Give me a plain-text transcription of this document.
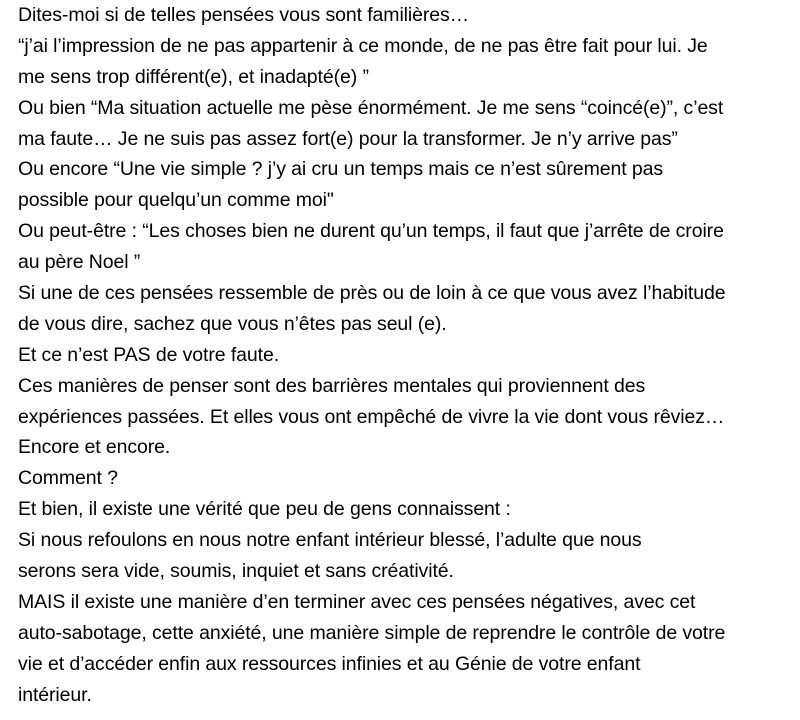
Dites-moi si de telles pensées vous sont familières…
“j’ai l’impression de ne pas appartenir à ce monde, de ne pas être fait pour lui. Je
me sens trop différent(e), et inadapté(e) ”
Ou bien “Ma situation actuelle me pèse énormément. Je me sens “coincé(e)”, c’est
ma faute… Je ne suis pas assez fort(e) pour la transformer. Je n’y arrive pas”
Ou encore “Une vie simple ? j’y ai cru un temps mais ce n’est sûrement pas
possible pour quelqu’un comme moi"
Ou peut-être : “Les choses bien ne durent qu’un temps, il faut que j’arrête de croire
au père Noel ”
Si une de ces pensées ressemble de près ou de loin à ce que vous avez l’habitude
de vous dire, sachez que vous n’êtes pas seul (e).
Et ce n’est PAS de votre faute.
Ces manières de penser sont des barrières mentales qui proviennent des
expériences passées. Et elles vous ont empêché de vivre la vie dont vous rêviez…
Encore et encore.
Comment ?
Et bien, il existe une vérité que peu de gens connaissent :
Si nous refoulons en nous notre enfant intérieur blessé, l’adulte que nous
serons sera vide, soumis, inquiet et sans créativité.
MAIS il existe une manière d’en terminer avec ces pensées négatives, avec cet
auto-sabotage, cette anxiété, une manière simple de reprendre le contrôle de votre
vie et d’accéder enfin aux ressources infinies et au Génie de votre enfant
intérieur.
